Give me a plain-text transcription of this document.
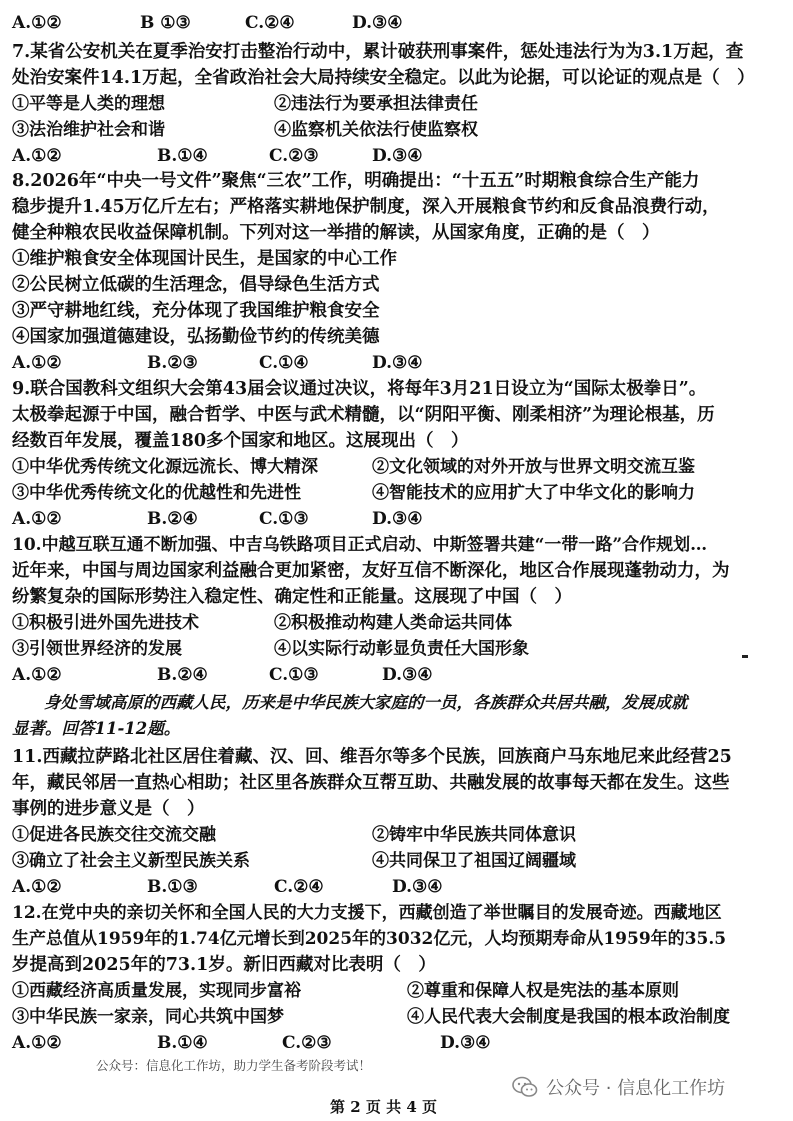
A.①②	B ①③	C.②④	D.③④
7.某省公安机关在夏季治安打击整治行动中，累计破获刑事案件，惩处违法行为为3.1万起，查
处治安案件14.1万起，全省政治社会大局持续安全稳定。以此为论据，可以论证的观点是（　）
①平等是人类的理想	②违法行为要承担法律责任
③法治维护社会和谐	④监察机关依法行使监察权
A.①②	B.①④	C.②③	D.③④
8.2026年“中央一号文件”聚焦“三农”工作，明确提出：“十五五”时期粮食综合生产能力
稳步提升1.45万亿斤左右；严格落实耕地保护制度，深入开展粮食节约和反食品浪费行动，
健全种粮农民收益保障机制。下列对这一举措的解读，从国家角度，正确的是（　）
①维护粮食安全体现国计民生，是国家的中心工作
②公民树立低碳的生活理念，倡导绿色生活方式
③严守耕地红线，充分体现了我国维护粮食安全
④国家加强道德建设，弘扬勤俭节约的传统美德
A.①②	B.②③	C.①④	D.③④
9.联合国教科文组织大会第43届会议通过决议，将每年3月21日设立为“国际太极拳日”。
太极拳起源于中国，融合哲学、中医与武术精髓，以“阴阳平衡、刚柔相济”为理论根基，历
经数百年发展，覆盖180多个国家和地区。这展现出（　）
①中华优秀传统文化源远流长、博大精深	②文化领域的对外开放与世界文明交流互鉴
③中华优秀传统文化的优越性和先进性	④智能技术的应用扩大了中华文化的影响力
A.①②	B.②④	C.①③	D.③④
10.中越互联互通不断加强、中吉乌铁路项目正式启动、中斯签署共建“一带一路”合作规划…
近年来，中国与周边国家利益融合更加紧密，友好互信不断深化，地区合作展现蓬勃动力，为
纷繁复杂的国际形势注入稳定性、确定性和正能量。这展现了中国（　）
①积极引进外国先进技术	②积极推动构建人类命运共同体
③引领世界经济的发展	④以实际行动彰显负责任大国形象
A.①②	B.②④	C.①③	D.③④
身处雪域高原的西藏人民，历来是中华民族大家庭的一员，各族群众共居共融，发展成就
显著。回答11-12题。
11.西藏拉萨路北社区居住着藏、汉、回、维吾尔等多个民族，回族商户马东地尼来此经营25
年，藏民邻居一直热心相助；社区里各族群众互帮互助、共融发展的故事每天都在发生。这些
事例的进步意义是（　）
①促进各民族交往交流交融	②铸牢中华民族共同体意识
③确立了社会主义新型民族关系	④共同保卫了祖国辽阔疆域
A.①②	B.①③	C.②④	D.③④
12.在党中央的亲切关怀和全国人民的大力支援下，西藏创造了举世瞩目的发展奇迹。西藏地区
生产总值从1959年的1.74亿元增长到2025年的3032亿元，人均预期寿命从1959年的35.5
岁提高到2025年的73.1岁。新旧西藏对比表明（　）
①西藏经济高质量发展，实现同步富裕	②尊重和保障人权是宪法的基本原则
③中华民族一家亲，同心共筑中国梦	④人民代表大会制度是我国的根本政治制度
A.①②	B.①④	C.②③	D.③④
公众号：信息化工作坊，助力学生备考阶段考试！
公众号 · 信息化工作坊
第 2 页 共 4 页
